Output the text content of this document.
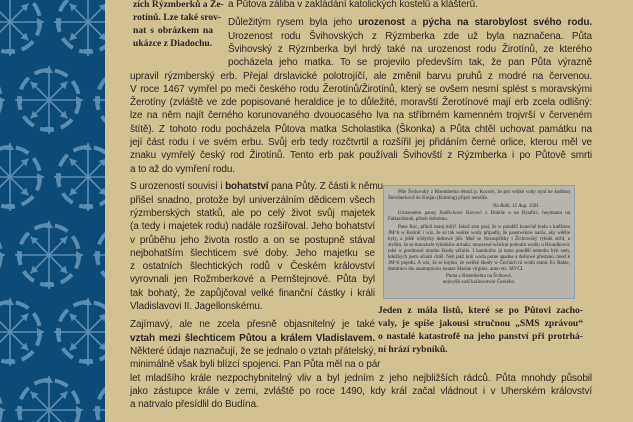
zích Rýzmberků a Že-
rotínů. Lze také srov-
nat s obrázkem na
ukázce z Diadochu.
a Půtova záliba v zakládání katolických kostelů a klášterů.
Důležitým rysem byla jeho urozenost a pýcha na starobylost svého rodu.
Urozenost rodu Švihovských z Rýzmberka zde už byla naznačena. Půta
Švihovský z Rýzmberka byl hrdý také na urozenost rodu Žirotínů, ze kterého
pocházela jeho matka. To se projevilo především tak, že pan Půta výrazně
upravil rýzmberský erb. Přejal drslavické polotrojíčí, ale změnil barvu pruhů z modré na červenou.
V roce 1467 vymřel po meči českého rodu Žerotínů/Žirotínů, který se ovšem nesmí splést s moravskými
Žerotíny (zvláště ve zde popisované heraldice je to důležité, moravští Žerotínové mají erb zcela odlišný:
lze na něm najít černého korunovaného dvouocasého lva na stříbrném kamenném trojvrší v červeném
štítě). Z tohoto rodu pocházela Půtova matka Scholastika (Škonka) a Půta chtěl uchovat památku na
její část rodu i ve svém erbu. Svůj erb tedy rozčtvrtil a rozšířil jej přidáním černé orlice, kterou měl ve
znaku vymřelý český rod Žirotínů. Tento erb pak používali Švihovští z Rýzmberka i po Půtově smrti
a to až do vymření rodu.
S urozeností souvisí i bohatství pana Půty. Z části k němu
přišel snadno, protože byl univerzálním dědicem všech
rýzmberských statků, ale po celý život svůj majetek
(a tedy i majetek rodu) nadále rozšiřoval. Jeho bohatství
v průběhu jeho života rostlo a on se postupně stával
nejbohatším šlechticem své doby. Jeho majetku se
z ostatních šlechtických rodů v Českém království
vyrovnali jen Rožmberkové a Pernštejnové. Půta byl
tak bohatý, že zapůjčoval velké finanční částky i králi
Vladislavovi II. Jagellonskému.
Zajímavý, ale ne zcela přesně objasnitelný je také
vztah mezi šlechticem Půtou a králem Vladislavem.
Některé údaje naznačují, že se jednalo o vztah přátelský,
minimálně však byli blízcí spojenci. Pan Půta měl na o pár
let mladšího krále nezpochybnitelný vliv a byl jedním z jeho nejbližších rádců. Půta mnohdy působil
jako zástupce krále v zemi, zvláště po roce 1490, kdy král začal vládnout i v Uherském království
a natrvalo přesídlil do Budína.

Píše Švihovský z Risemberka témuž p. Kocovi, že pro veliké vody nyní ke kněžnej Šternberkově do Kotjan (Kittning) přijeti nemůže.

Na Rabí, 15 Aug. 1501.

Urozenému panoj Jindřichowi Kocowi z Dobrše a na Bystřici, heytmanu na Falkenšteině, příteli dobrému.

Pane Koc, příteli muoj milý! Jakož sem psal, že w pondělí konečně budu s kněžnou JM^ti w Kotíně: i wiz, že sú tak weliké wody připadly, že panstwíkow narůs, aky wětšie byly, a ještě wšdycky deštowé jdú. Mně se Nezaspělsky i Žichowský rybník strhl, a slyším, že se mnoztwie rybníkůw strhalo; mnozewé wšickni polením wodú; u Hroudkowic také w predmestí mnoho škody učinilo. I kamkoliw já tanto pondělí nemohu býti sem, kdežbych jsem učiniti chtěl. Neb jakž koli woda potne spadne a deštowé přestanú, hned k JM^ti pojedu. A wiz, že se kojinu, že weliké škody w Čechách tú wodú stanú. Ex Rabie, dominico die assumptionis beatae Mariae virginis, anno etc. MVCI.

Puota z Risemberka na Švihowě,

nejwyšší sudí králowstwie Českého.

Jeden z mála listů, které se po Půtovi zacho-
valy, je spíše jakousi stručnou „SMS zprávou“
o nastalé katastrofě na jeho panství při protrhá-
ní hrází rybníků.
